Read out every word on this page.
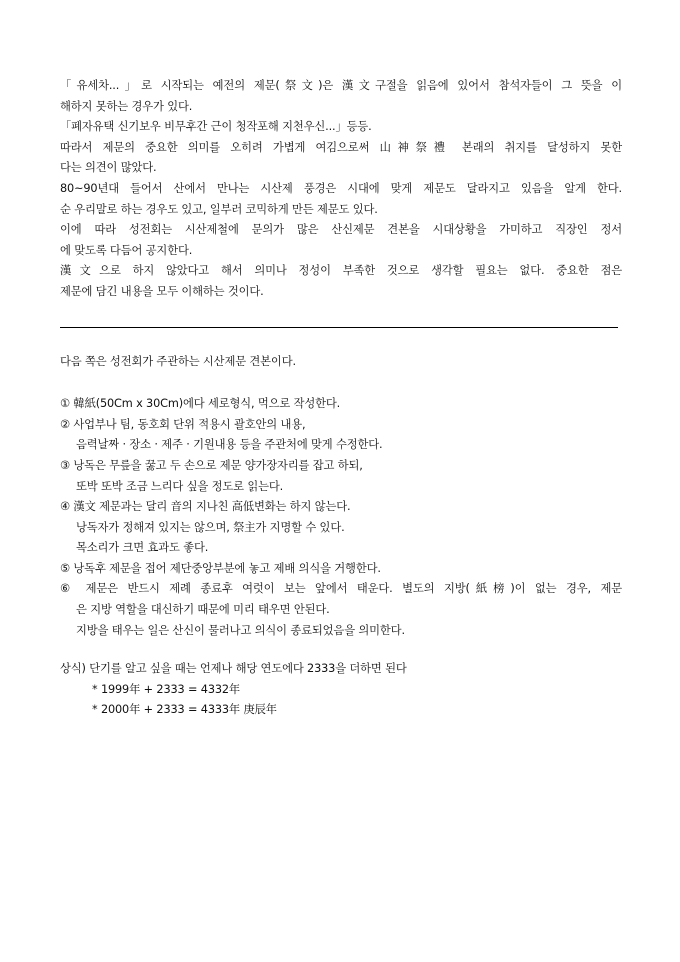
「유세차...」로 시작되는 예전의 제문(祭文)은 漢文구절을 읽음에 있어서 참석자들이 그 뜻을 이
해하지 못하는 경우가 있다.
「폐자유택 신기보우 비무후간 근이 청작포해 지천우신...」등등.
따라서 제문의 중요한 의미를 오히려 가볍게 여김으로써 山神祭禮 본래의 취지를 달성하지 못한
다는 의견이 많았다.
80~90년대 들어서 산에서 만나는 시산제 풍경은 시대에 맞게 제문도 달라지고 있음을 알게 한다.
순 우리말로 하는 경우도 있고, 일부러 코믹하게 만든 제문도 있다.
이에 따라 성전회는 시산제철에 문의가 많은 산신제문 견본을 시대상황을 가미하고 직장인 정서
에 맞도록 다듬어 공지한다.
漢文으로 하지 않았다고 해서 의미나 정성이 부족한 것으로 생각할 필요는 없다. 중요한 점은
제문에 담긴 내용을 모두 이해하는 것이다.
다음 쪽은 성전회가 주관하는 시산제문 견본이다.
① 韓紙(50Cm x 30Cm)에다 세로형식, 먹으로 작성한다.
② 사업부나 팀, 동호회 단위 적용시 괄호안의 내용,
음력날짜 · 장소 · 제주 · 기원내용 등을 주관처에 맞게 수정한다.
③ 낭독은 무릎을 꿇고 두 손으로 제문 양가장자리를 잡고 하되,
또박 또박 조금 느리다 싶을 정도로 읽는다.
④ 漢文 제문과는 달리 音의 지나친 高低변화는 하지 않는다.
낭독자가 정해져 있지는 않으며, 祭主가 지명할 수 있다.
목소리가 크면 효과도 좋다.
⑤ 낭독후 제문을 접어 제단중앙부분에 놓고 제배 의식을 거행한다.
⑥ 제문은 반드시 제례 종료후 여럿이 보는 앞에서 태운다. 별도의 지방(紙榜)이 없는 경우, 제문
은 지방 역할을 대신하기 때문에 미리 태우면 안된다.
지방을 태우는 일은 산신이 물러나고 의식이 종료되었음을 의미한다.
상식) 단기를 알고 싶을 때는 언제나 해당 연도에다 2333을 더하면 된다
* 1999年 + 2333 = 4332年
* 2000年 + 2333 = 4333年 庚辰年
